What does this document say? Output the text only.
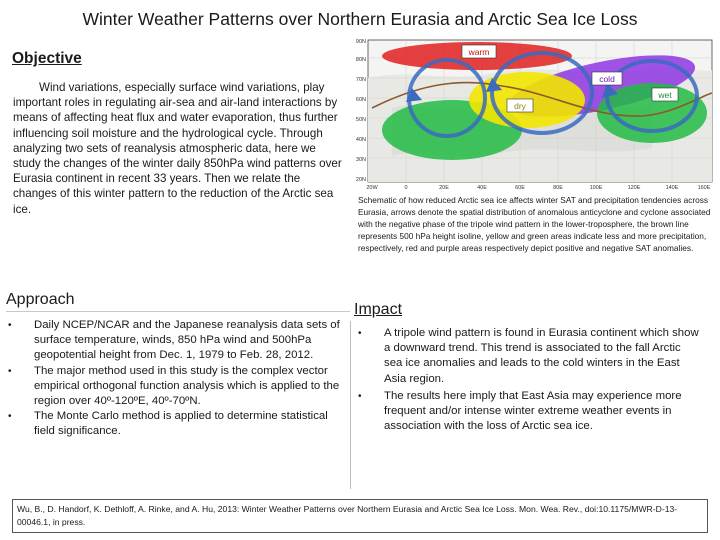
Winter Weather Patterns over Northern Eurasia and Arctic Sea Ice Loss
Objective
Wind variations, especially surface wind variations, play important roles in regulating air-sea and air-land interactions by means of affecting heat flux and water evaporation, thus further influencing soil moisture and the hydrological cycle. Through analyzing two sets of reanalysis atmospheric data, here we study the changes of the winter daily 850hPa wind patterns over Eurasia continent in recent 33 years. Then we relate the changes of this winter pattern to the reduction of the Arctic sea ice.
warm
cold
wet
dry
90N
80N
70N
60N
50N
40N
30N
20N
20W	0	20E	40E	60E	80E	100E	120E	140E	160E
Schematic of how reduced Arctic sea ice affects winter SAT and precipitation tendencies across Eurasia, arrows denote the spatial distribution of anomalous anticyclone and cyclone associated with the negative phase of the tripole wind pattern in the lower-troposphere, the brown line represents 500 hPa height isoline, yellow and green areas indicate less and more precipitation, respectively, red and purple areas respectively depict positive and negative SAT anomalies.
Approach
• Daily NCEP/NCAR and the Japanese reanalysis data sets of surface temperature, winds, 850 hPa wind and 500hPa geopotential height from Dec. 1, 1979 to Feb. 28, 2012.
• The major method used in this study is the complex vector empirical orthogonal function analysis which is applied to the region over 40º-120ºE, 40º-70ºN.
• The Monte Carlo method is applied to determine statistical field significance.
Impact
• A tripole wind pattern is found in Eurasia continent which show a downward trend. This trend is associated to the fall Arctic sea ice anomalies and leads to the cold winters in the East Asia region.
• The results here imply that East Asia may experience more frequent and/or intense winter extreme weather events in association with the loss of Arctic sea ice.
Wu, B., D. Handorf, K. Dethloff, A. Rinke, and A. Hu, 2013: Winter Weather Patterns over Northern Eurasia and Arctic Sea Ice Loss. Mon. Wea. Rev., doi:10.1175/MWR-D-13-00046.1, in press.
